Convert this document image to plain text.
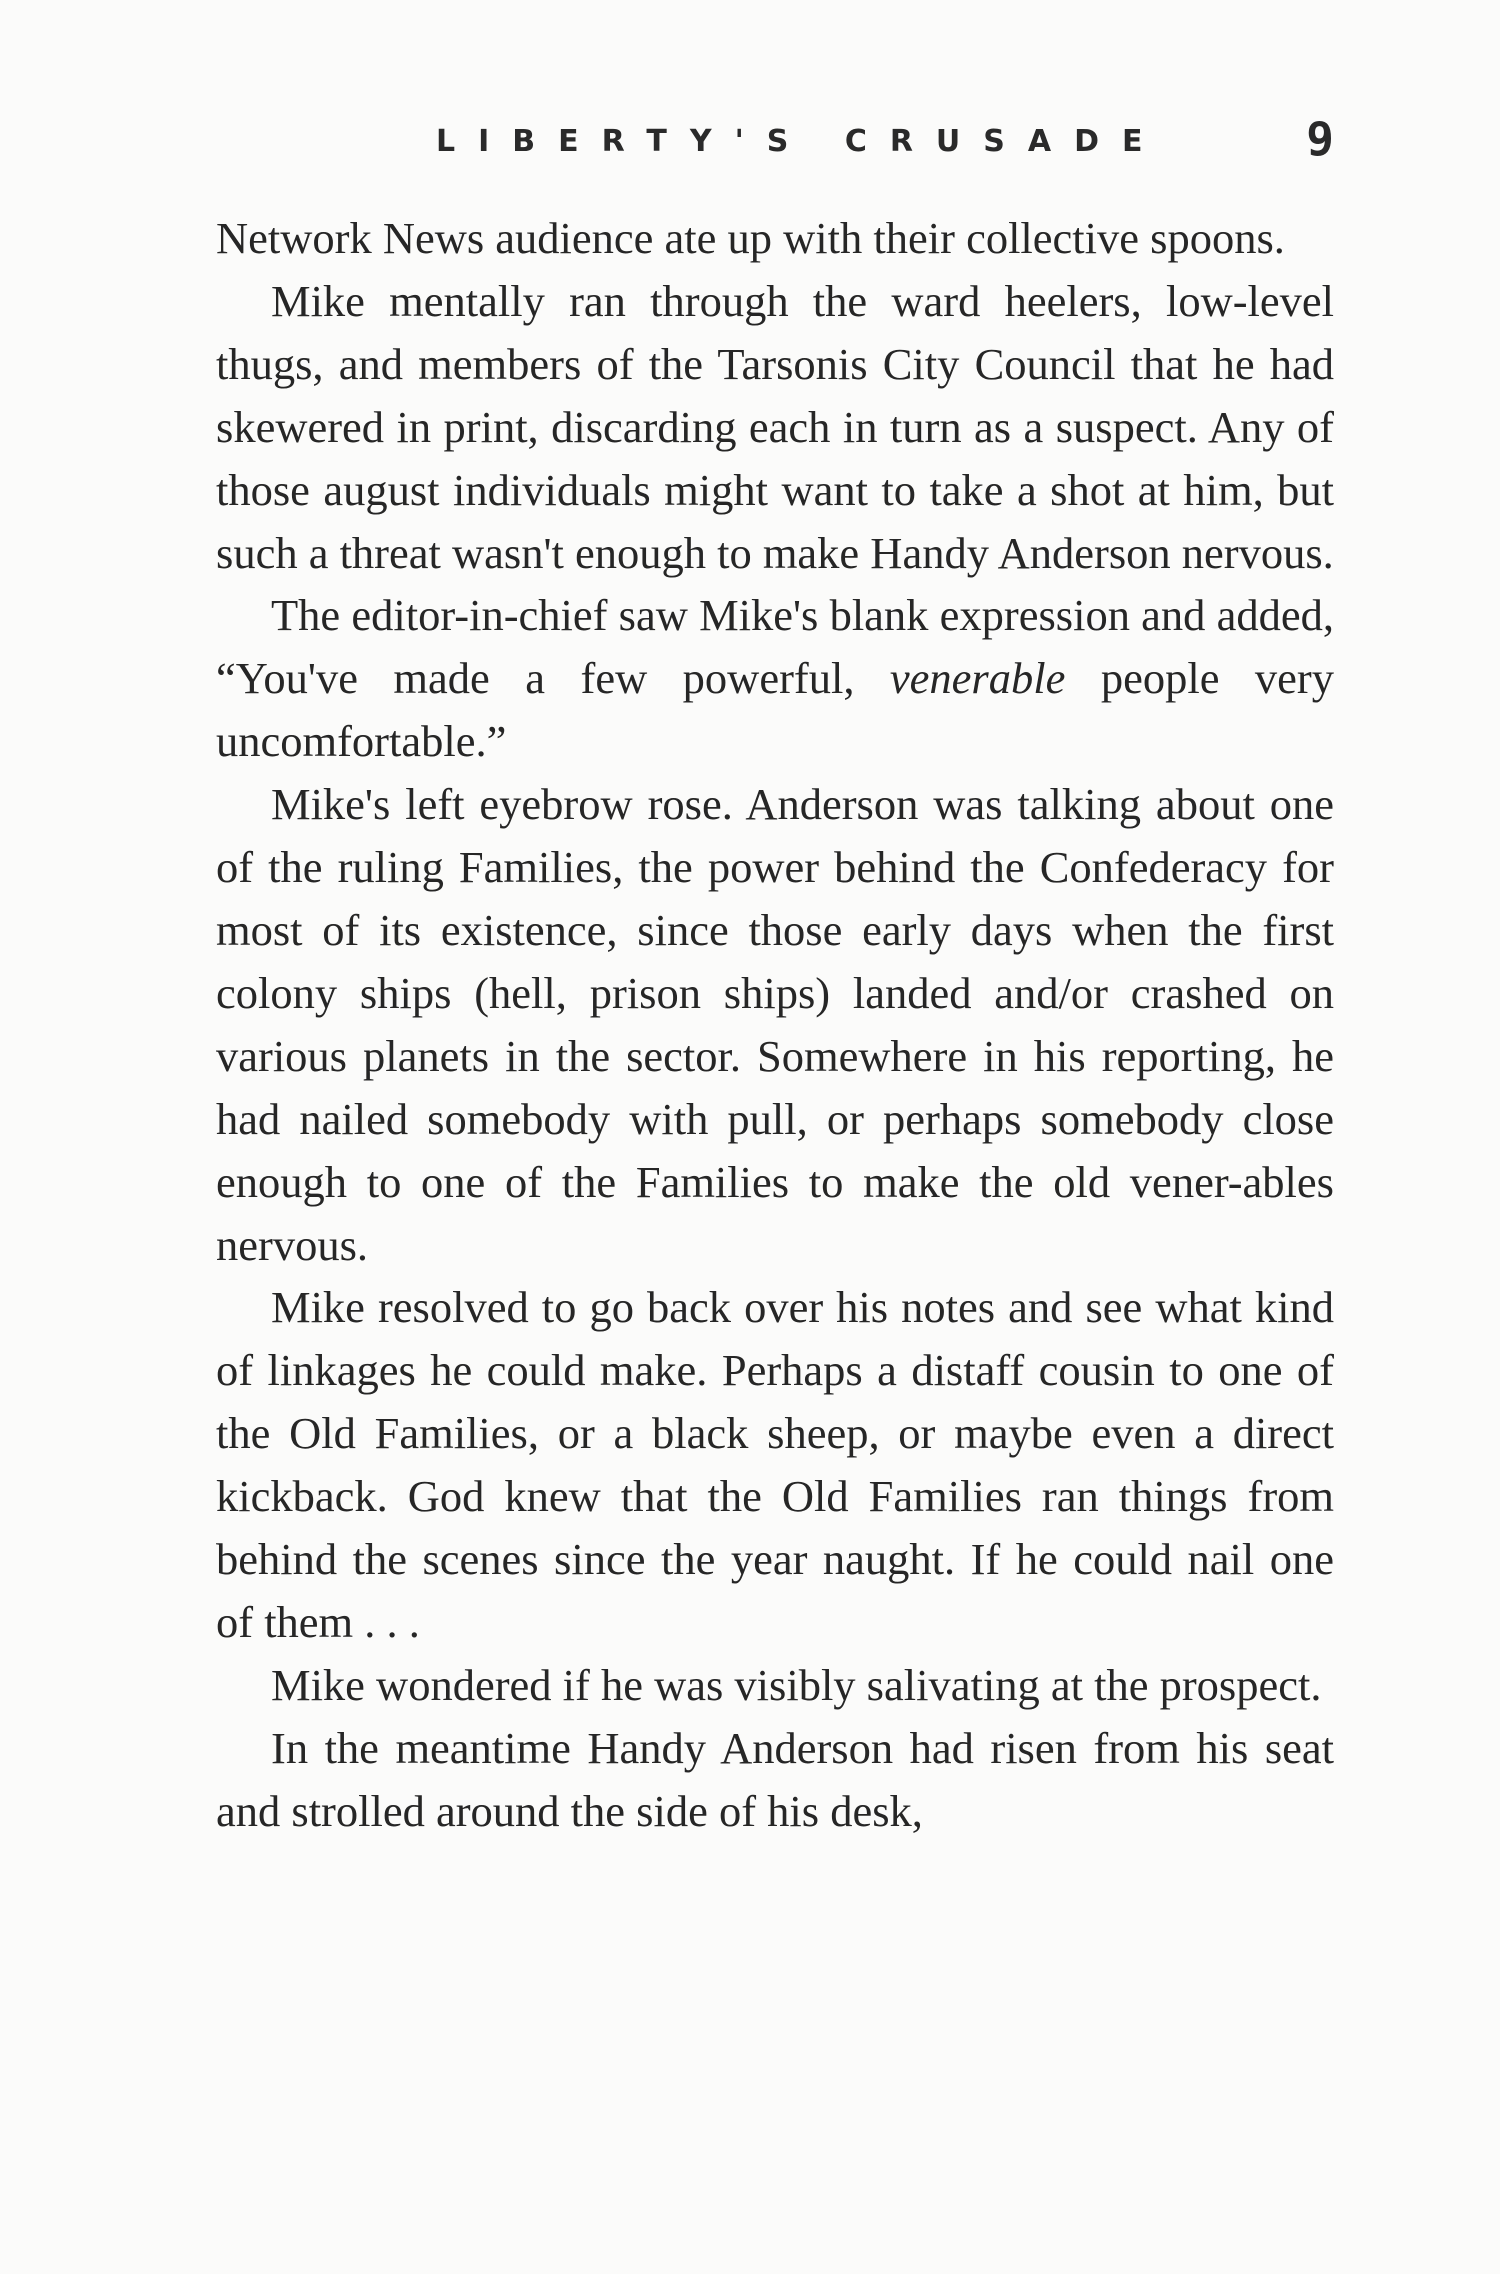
LIBERTY'S CRUSADE	9

Network News audience ate up with their collective spoons.

Mike mentally ran through the ward heelers, low-level thugs, and members of the Tarsonis City Council that he had skewered in print, discarding each in turn as a suspect. Any of those august individuals might want to take a shot at him, but such a threat wasn't enough to make Handy Anderson nervous.

The editor-in-chief saw Mike's blank expression and added, “You've made a few powerful, venerable people very uncomfortable.”

Mike's left eyebrow rose. Anderson was talking about one of the ruling Families, the power behind the Confederacy for most of its existence, since those early days when the first colony ships (hell, prison ships) landed and/or crashed on various planets in the sector. Somewhere in his reporting, he had nailed somebody with pull, or perhaps somebody close enough to one of the Families to make the old vener-ables nervous.

Mike resolved to go back over his notes and see what kind of linkages he could make. Perhaps a distaff cousin to one of the Old Families, or a black sheep, or maybe even a direct kickback. God knew that the Old Families ran things from behind the scenes since the year naught. If he could nail one of them . . .

Mike wondered if he was visibly salivating at the prospect.

In the meantime Handy Anderson had risen from his seat and strolled around the side of his desk,
